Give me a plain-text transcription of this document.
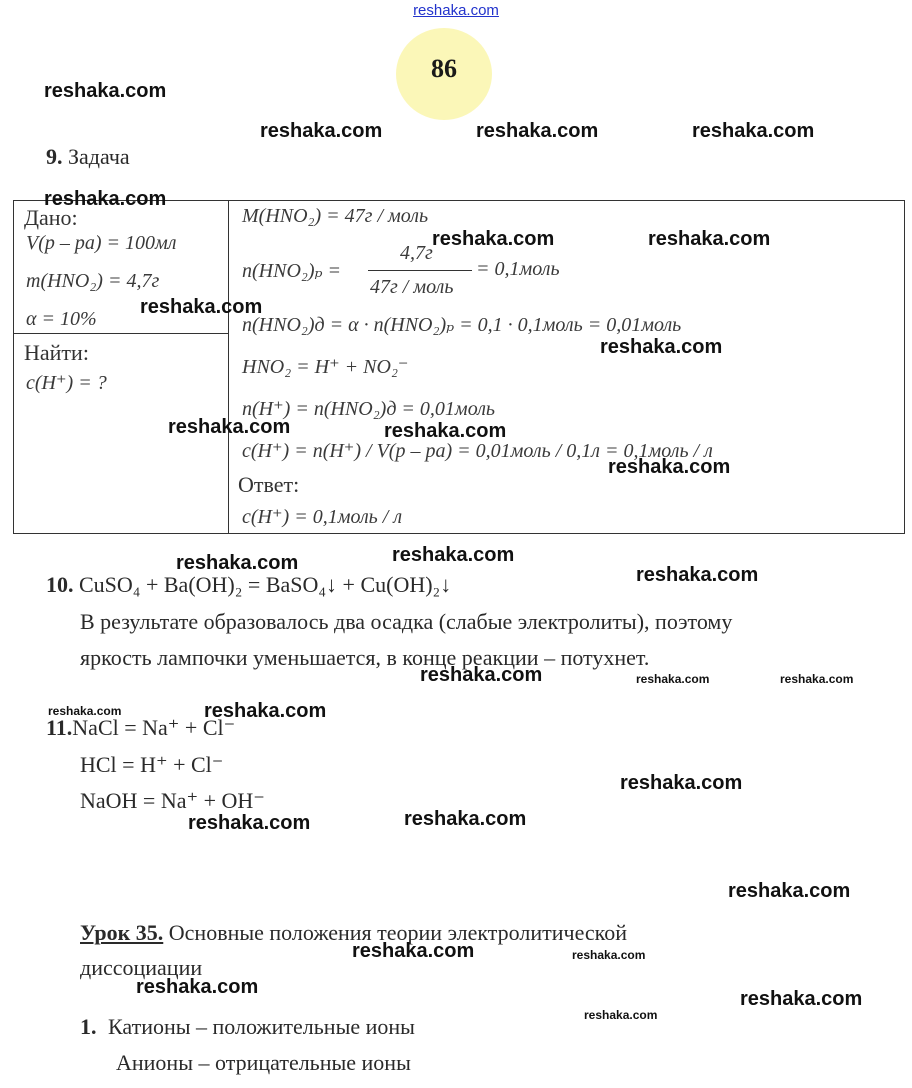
reshaka.com
86
9. Задача
Дано:
V(р – ра) = 100мл
m(HNO₂) = 4,7г
α = 10%
Найти:
c(H⁺) = ?
M(HNO₂) = 47г / моль
n(HNO₂)ₚ =
4,7г
47г / моль
= 0,1моль
n(HNO₂)д = α · n(HNO₂)ₚ = 0,1 · 0,1моль = 0,01моль
HNO₂ = H⁺ + NO₂⁻
n(H⁺) = n(HNO₂)д = 0,01моль
c(H⁺) = n(H⁺) / V(р – ра) = 0,01моль / 0,1л = 0,1моль / л
Ответ:
c(H⁺) = 0,1моль / л
10. CuSO₄ + Ba(OH)₂ = BaSO₄↓ + Cu(OH)₂↓
В результате образовалось два осадка (слабые электролиты), поэтому
яркость лампочки уменьшается, в конце реакции – потухнет.
11.NaCl = Na⁺ + Cl⁻
HCl = H⁺ + Cl⁻
NaOH = Na⁺ + OH⁻
Урок 35. Основные положения теории электролитической
диссоциации
1. Катионы – положительные ионы
Анионы – отрицательные ионы
reshaka.com
reshaka.com	reshaka.com	reshaka.com
reshaka.com
reshaka.com	reshaka.com
reshaka.com
reshaka.com
reshaka.com	reshaka.com
reshaka.com
reshaka.com	reshaka.com
reshaka.com
reshaka.com	reshaka.com	reshaka.com
reshaka.com	reshaka.com
reshaka.com
reshaka.com
reshaka.com
reshaka.com
reshaka.com	reshaka.com
reshaka.com
reshaka.com
reshaka.com
